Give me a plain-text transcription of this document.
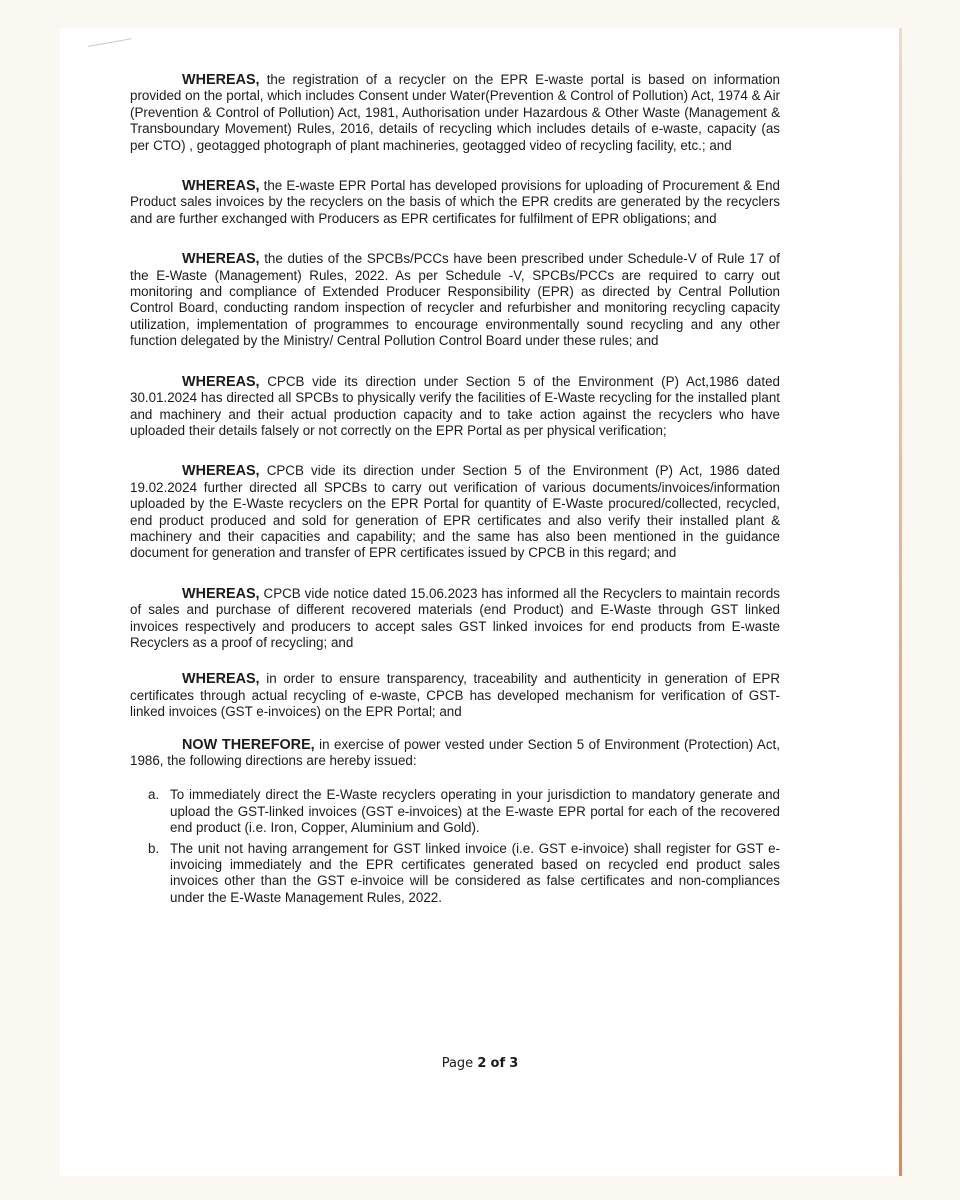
WHEREAS, the registration of a recycler on the EPR E-waste portal is based on information provided on the portal, which includes Consent under Water(Prevention & Control of Pollution) Act, 1974 & Air (Prevention & Control of Pollution) Act, 1981, Authorisation under Hazardous & Other Waste (Management & Transboundary Movement) Rules, 2016, details of recycling which includes details of e-waste, capacity (as per CTO) , geotagged photograph of plant machineries, geotagged video of recycling facility, etc.; and

WHEREAS, the E-waste EPR Portal has developed provisions for uploading of Procurement & End Product sales invoices by the recyclers on the basis of which the EPR credits are generated by the recyclers and are further exchanged with Producers as EPR certificates for fulfilment of EPR obligations; and

WHEREAS, the duties of the SPCBs/PCCs have been prescribed under Schedule-V of Rule 17 of the E-Waste (Management) Rules, 2022. As per Schedule -V, SPCBs/PCCs are required to carry out monitoring and compliance of Extended Producer Responsibility (EPR) as directed by Central Pollution Control Board, conducting random inspection of recycler and refurbisher and monitoring recycling capacity utilization, implementation of programmes to encourage environmentally sound recycling and any other function delegated by the Ministry/ Central Pollution Control Board under these rules; and

WHEREAS, CPCB vide its direction under Section 5 of the Environment (P) Act,1986 dated 30.01.2024 has directed all SPCBs to physically verify the facilities of E-Waste recycling for the installed plant and machinery and their actual production capacity and to take action against the recyclers who have uploaded their details falsely or not correctly on the EPR Portal as per physical verification;

WHEREAS, CPCB vide its direction under Section 5 of the Environment (P) Act, 1986 dated 19.02.2024 further directed all SPCBs to carry out verification of various documents/invoices/information uploaded by the E-Waste recyclers on the EPR Portal for quantity of E-Waste procured/collected, recycled, end product produced and sold for generation of EPR certificates and also verify their installed plant & machinery and their capacities and capability; and the same has also been mentioned in the guidance document for generation and transfer of EPR certificates issued by CPCB in this regard; and

WHEREAS, CPCB vide notice dated 15.06.2023 has informed all the Recyclers to maintain records of sales and purchase of different recovered materials (end Product) and E-Waste through GST linked invoices respectively and producers to accept sales GST linked invoices for end products from E-waste Recyclers as a proof of recycling; and

WHEREAS, in order to ensure transparency, traceability and authenticity in generation of EPR certificates through actual recycling of e-waste, CPCB has developed mechanism for verification of GST-linked invoices (GST e-invoices) on the EPR Portal; and

NOW THEREFORE, in exercise of power vested under Section 5 of Environment (Protection) Act, 1986, the following directions are hereby issued:

a. To immediately direct the E-Waste recyclers operating in your jurisdiction to mandatory generate and upload the GST-linked invoices (GST e-invoices) at the E-waste EPR portal for each of the recovered end product (i.e. Iron, Copper, Aluminium and Gold).
b. The unit not having arrangement for GST linked invoice (i.e. GST e-invoice) shall register for GST e-invoicing immediately and the EPR certificates generated based on recycled end product sales invoices other than the GST e-invoice will be considered as false certificates and non-compliances under the E-Waste Management Rules, 2022.
Page 2 of 3
